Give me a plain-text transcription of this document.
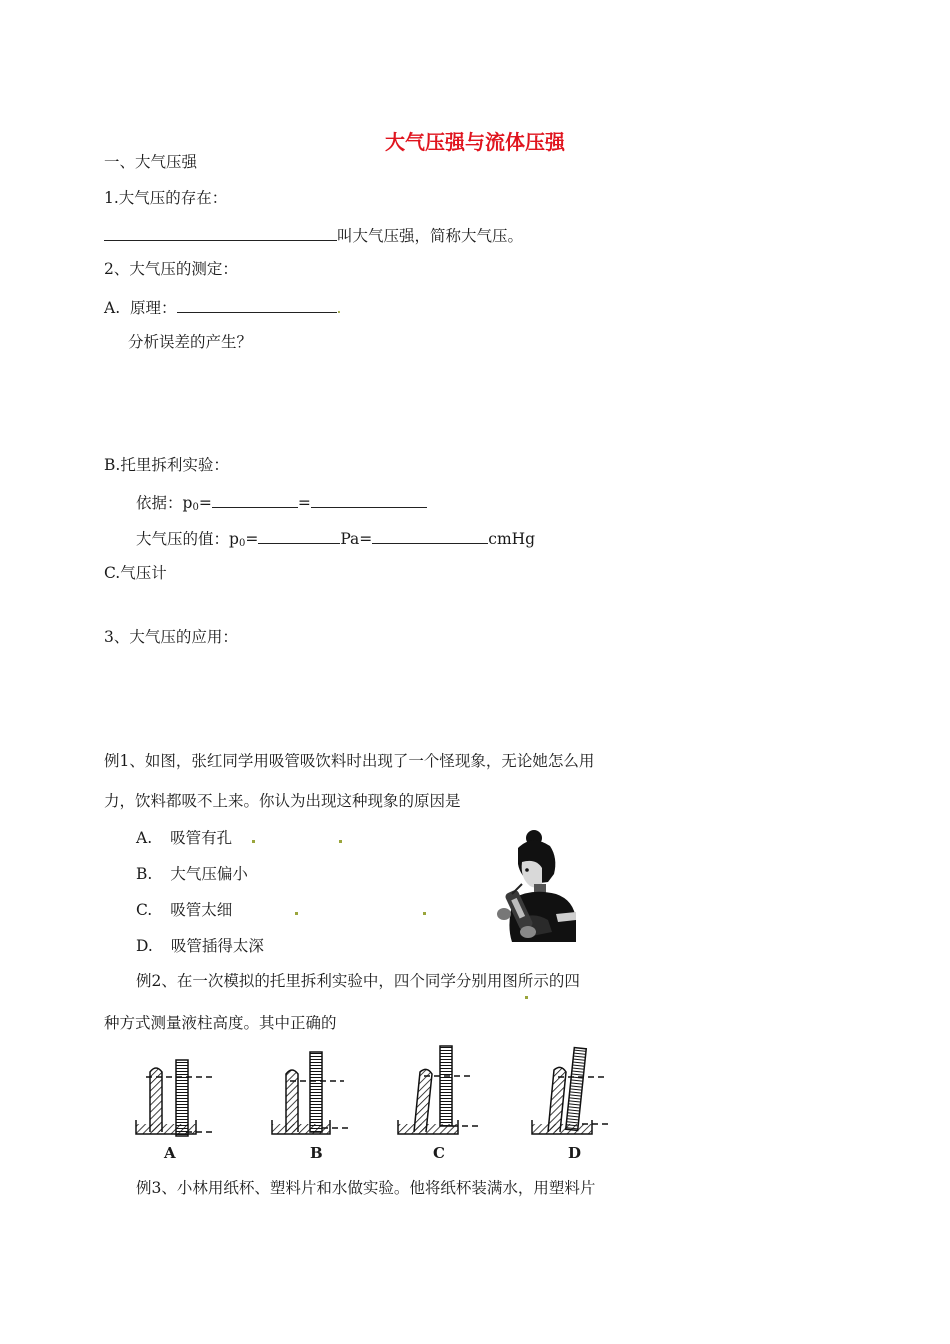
大气压强与流体压强
一、大气压强
1.大气压的存在：
叫大气压强，简称大气压。
2、大气压的测定：
A. 原理：	.
分析误差的产生？
B.托里拆利实验：
依据：p0=	=
大气压的值：p0=	Pa=	cmHg
C.气压计
3、大气压的应用：
例1、如图，张红同学用吸管吸饮料时出现了一个怪现象，无论她怎么用
力，饮料都吸不上来。你认为出现这种现象的原因是
A. 吸管有孔
B. 大气压偏小
C. 吸管太细
D. 吸管插得太深
例2、在一次模拟的托里拆利实验中，四个同学分别用图所示的四
种方式测量液柱高度。其中正确的
A	B	C	D
例3、小林用纸杯、塑料片和水做实验。他将纸杯装满水，用塑料片
